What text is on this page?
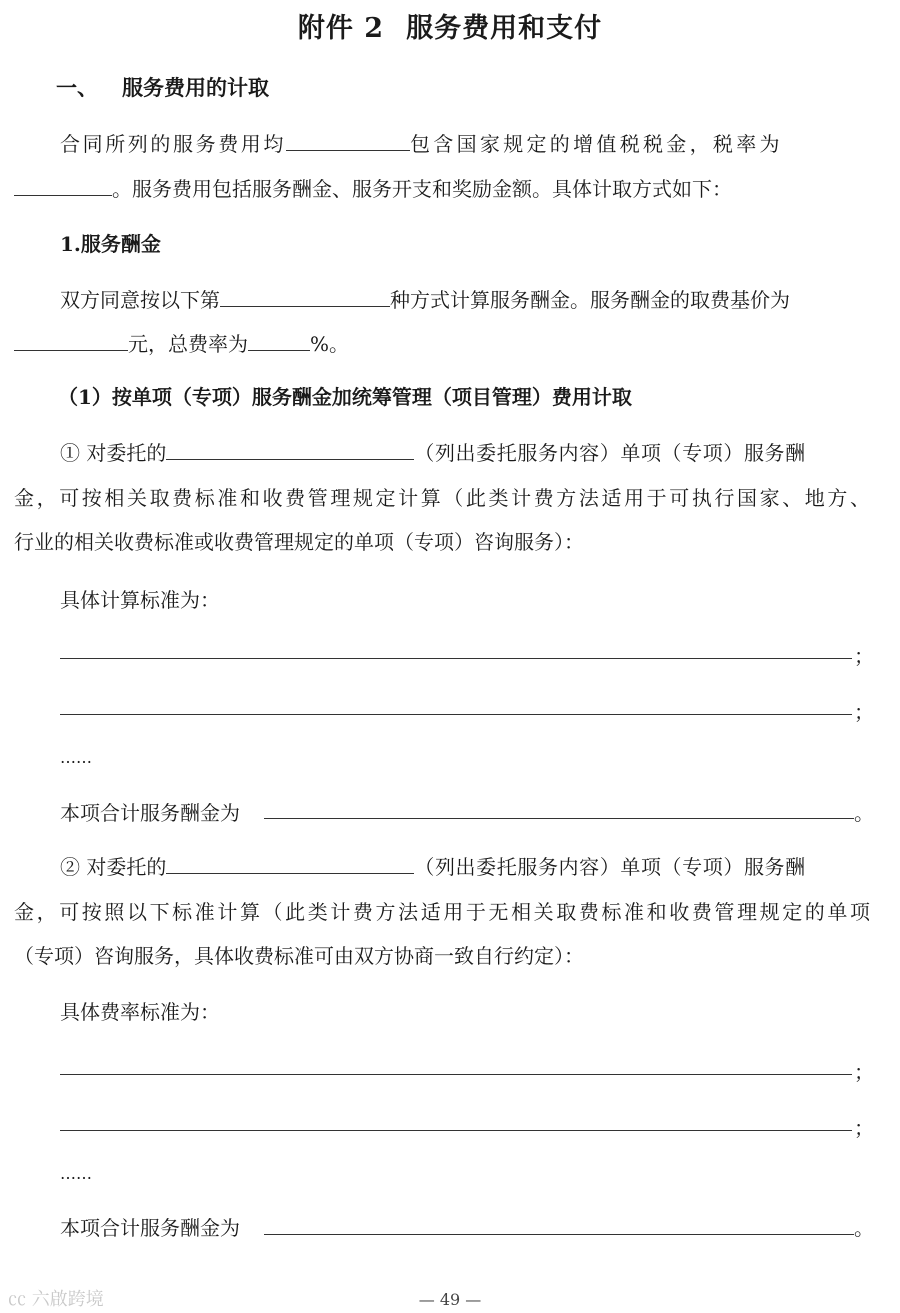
附件 2 服务费用和支付
一、 服务费用的计取
合同所列的服务费用均	包含国家规定的增值税税金，税率为
。服务费用包括服务酬金、服务开支和奖励金额。具体计取方式如下：
1.服务酬金
双方同意按以下第	种方式计算服务酬金。服务酬金的取费基价为
元，总费率为	%。
（1）按单项（专项）服务酬金加统筹管理（项目管理）费用计取
① 对委托的	（列出委托服务内容）单项（专项）服务酬
金，可按相关取费标准和收费管理规定计算（此类计费方法适用于可执行国家、地方、
行业的相关收费标准或收费管理规定的单项（专项）咨询服务）：
具体计算标准为：
；
；
……
本项合计服务酬金为	。
② 对委托的	（列出委托服务内容）单项（专项）服务酬
金，可按照以下标准计算（此类计费方法适用于无相关取费标准和收费管理规定的单项
（专项）咨询服务，具体收费标准可由双方协商一致自行约定）：
具体费率标准为：
；
；
……
本项合计服务酬金为	。
— 49 —
㏄ 六啟跨境
